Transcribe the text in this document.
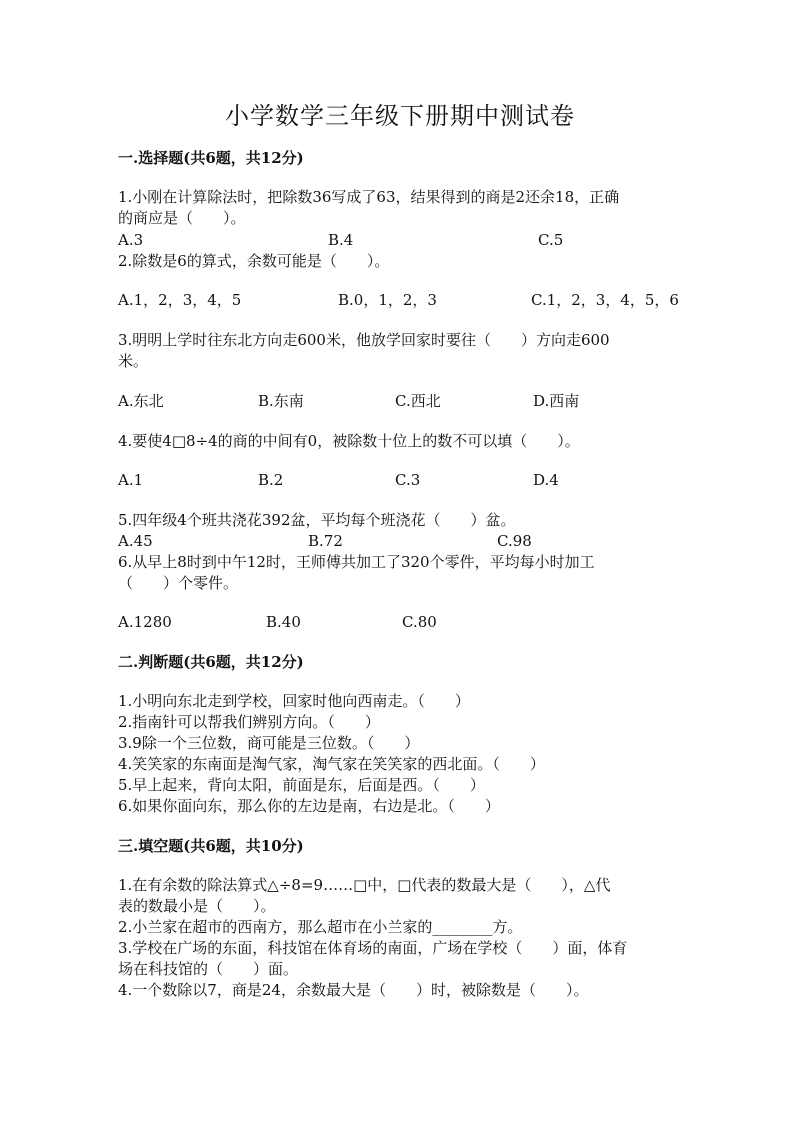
小学数学三年级下册期中测试卷
一.选择题(共6题，共12分)
1.小刚在计算除法时，把除数36写成了63，结果得到的商是2还余18，正确
的商应是（　　）。
A.3	B.4	C.5
2.除数是6的算式，余数可能是（　　）。
A.1，2，3，4，5	B.0，1，2，3	C.1，2，3，4，5，6
3.明明上学时往东北方向走600米，他放学回家时要往（　　）方向走600
米。
A.东北	B.东南	C.西北	D.西南
4.要使4□8÷4的商的中间有0，被除数十位上的数不可以填（　　）。
A.1	B.2	C.3	D.4
5.四年级4个班共浇花392盆，平均每个班浇花（　　）盆。
A.45	B.72	C.98
6.从早上8时到中午12时，王师傅共加工了320个零件，平均每小时加工
（　　）个零件。
A.1280	B.40	C.80
二.判断题(共6题，共12分)
1.小明向东北走到学校，回家时他向西南走。（　　）
2.指南针可以帮我们辨别方向。（　　）
3.9除一个三位数，商可能是三位数。（　　）
4.笑笑家的东南面是淘气家，淘气家在笑笑家的西北面。（　　）
5.早上起来，背向太阳，前面是东，后面是西。（　　）
6.如果你面向东，那么你的左边是南，右边是北。（　　）
三.填空题(共6题，共10分)
1.在有余数的除法算式△÷8=9……□中，□代表的数最大是（　　），△代
表的数最小是（　　）。
2.小兰家在超市的西南方，那么超市在小兰家的________方。
3.学校在广场的东面，科技馆在体育场的南面，广场在学校（　　）面，体育
场在科技馆的（　　）面。
4.一个数除以7，商是24，余数最大是（　　）时，被除数是（　　）。
